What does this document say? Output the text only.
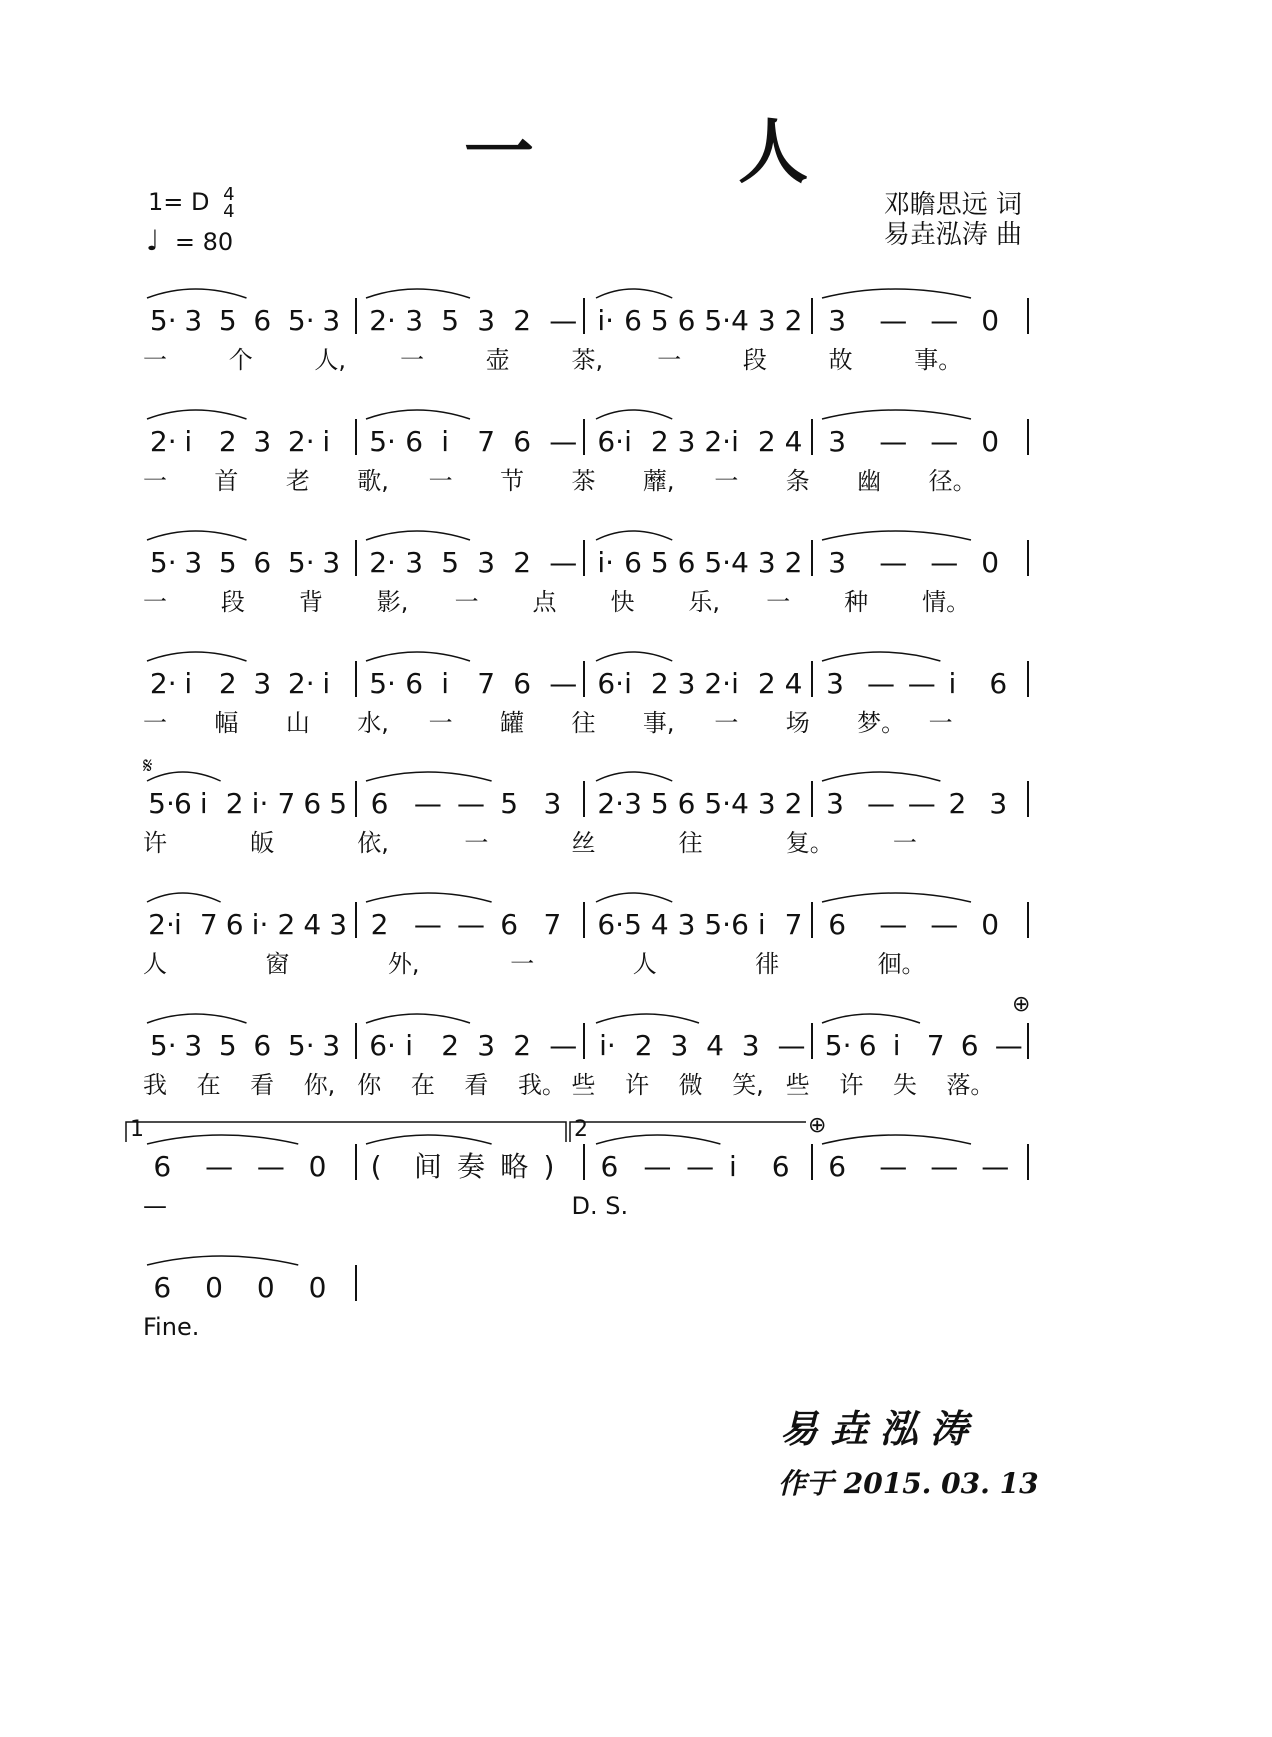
一 人
1= D 4
4
♩ = 80
邓瞻思远 词
易垚泓涛 曲
5· 3 5 6 5· 3 2· 3 5 3 2 — i· 6 5 6 5· 4 3 2 3 — — 0
一	个	人, 一	壶	茶, 一	段	故	事。
2· i 2 3 2· i 5· 6 i 7 6 — 6· i 2 3 2· i 2 4 3 — — 0
一 首 老 歌, 一 节 茶 蘼, 一 条 幽 径。
5· 3 5 6 5· 3 2· 3 5 3 2 — i· 6 5 6 5· 4 3 2 3 — — 0
一 段 背 影, 一 点 快 乐, 一 种 情。
2· i 2 3 2· i 5· 6 i 7 6 — 6· i 2 3 2· i 2 4 3 — — i 6
一 幅 山 水, 一 罐 往 事, 一 场 梦。 一
5· 6 i 2 i· 7 6 5 6 — — 5 3 2· 3 5 6 5· 4 3 2 3 — — 2 3
许	皈	依,	一	丝	往	复。 一
𝄋
2· i 7 6 i· 2 4 3 2 — — 6 7 6· 5 4 3 5· 6 i 7 6 — — 0
人	窗	外,	一	人	徘	徊。
5· 3 5 6 5· 3 6· i 2 3 2 — i· 2 3 4 3 — 5· 6 i 7 6 —
我 在 看 你, 你 在 看 我。 些 许 微 笑, 些 许 失 落。
⊕
6 — — 0 ( 间 奏 略 ) 6 — — i 6 6 — — —
—	D. S.
⊕
1	2
6 0 0 0
Fine.
易垚泓涛
作于 2015. 03. 13
